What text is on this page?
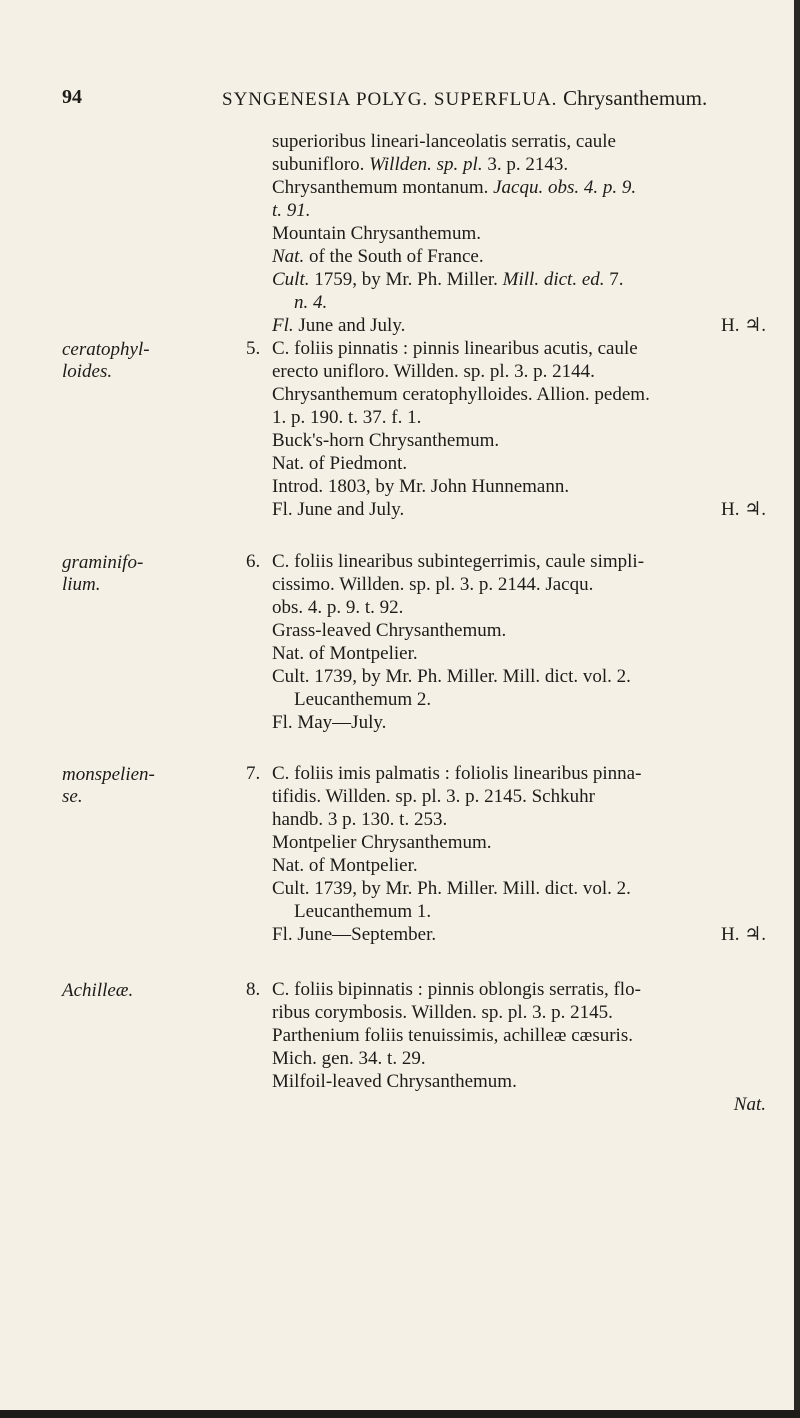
94	SYNGENESIA POLYG. SUPERFLUA. Chrysanthemum.

superioribus lineari-lanceolatis serratis, caule

subunifloro. Willden. sp. pl. 3. p. 2143.

Chrysanthemum montanum. Jacqu. obs. 4. p. 9.

t. 91.

Mountain Chrysanthemum.

Nat. of the South of France.

Cult. 1759, by Mr. Ph. Miller. Mill. dict. ed. 7.

n. 4.

Fl. June and July.	H. ♃.

ceratophyl-
loides.

5. C. foliis pinnatis : pinnis linearibus acutis, caule

erecto unifloro. Willden. sp. pl. 3. p. 2144.

Chrysanthemum ceratophylloides. Allion. pedem.

1. p. 190. t. 37. f. 1.

Buck's-horn Chrysanthemum.

Nat. of Piedmont.

Introd. 1803, by Mr. John Hunnemann.

Fl. June and July.	H. ♃.

graminifo-
lium.

6. C. foliis linearibus subintegerrimis, caule simpli-

cissimo. Willden. sp. pl. 3. p. 2144. Jacqu.

obs. 4. p. 9. t. 92.

Grass-leaved Chrysanthemum.

Nat. of Montpelier.

Cult. 1739, by Mr. Ph. Miller. Mill. dict. vol. 2.

Leucanthemum 2.

Fl. May—July.

monspelien-
se.

7. C. foliis imis palmatis : foliolis linearibus pinna-

tifidis. Willden. sp. pl. 3. p. 2145. Schkuhr

handb. 3 p. 130. t. 253.

Montpelier Chrysanthemum.

Nat. of Montpelier.

Cult. 1739, by Mr. Ph. Miller. Mill. dict. vol. 2.

Leucanthemum 1.

Fl. June—September.	H. ♃.

Achilleæ.	8. C. foliis bipinnatis : pinnis oblongis serratis, flo-

ribus corymbosis. Willden. sp. pl. 3. p. 2145.

Parthenium foliis tenuissimis, achilleæ cæsuris.

Mich. gen. 34. t. 29.

Milfoil-leaved Chrysanthemum.

Nat.
